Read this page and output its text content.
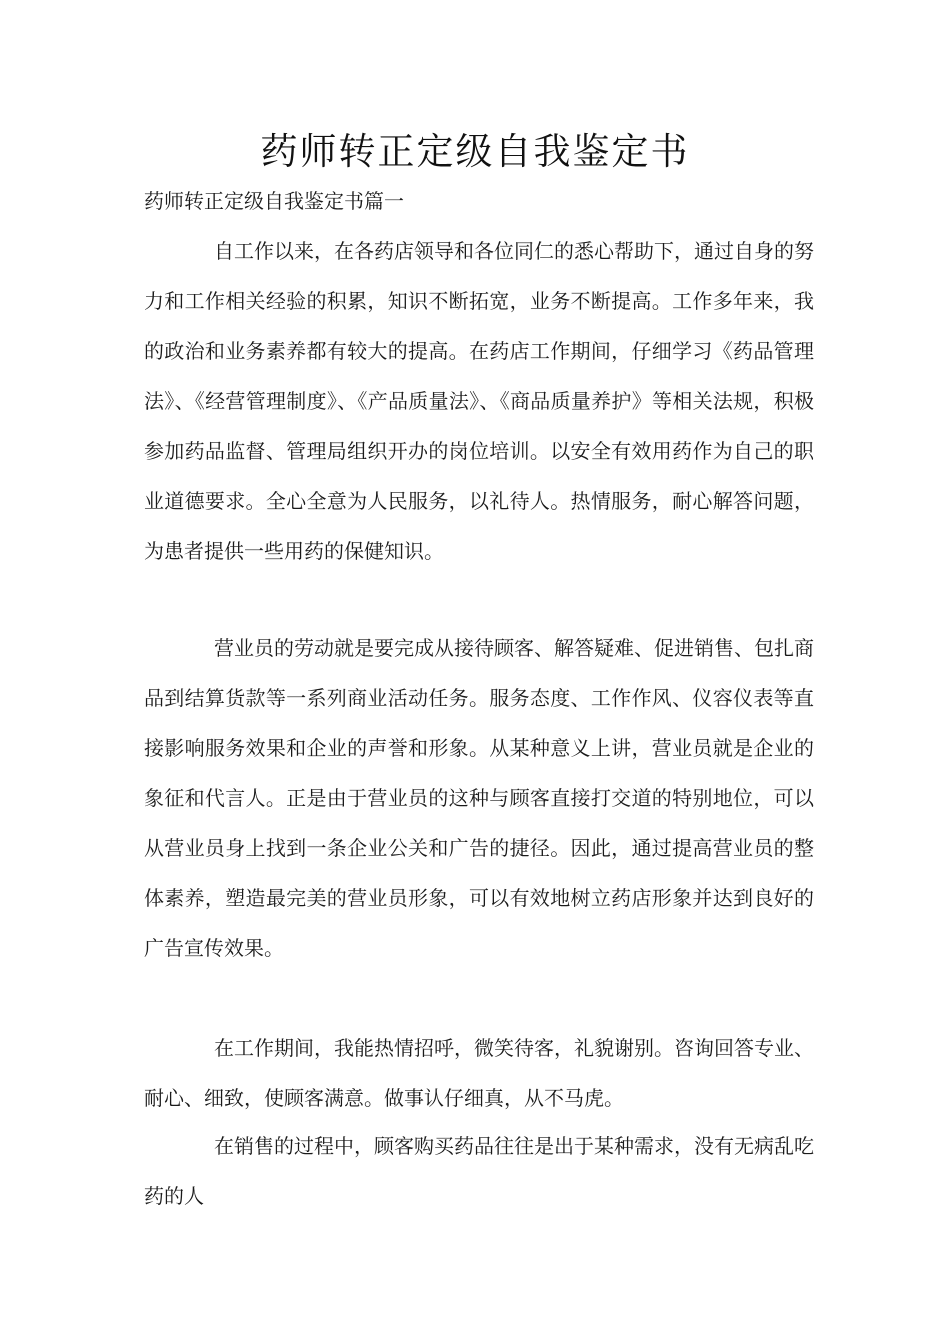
药师转正定级自我鉴定书

药师转正定级自我鉴定书篇一

自工作以来，在各药店领导和各位同仁的悉心帮助下，通过自身的努力和工作相关经验的积累，知识不断拓宽，业务不断提高。工作多年来，我的政治和业务素养都有较大的提高。在药店工作期间，仔细学习《药品管理法》、《经营管理制度》、《产品质量法》、《商品质量养护》等相关法规，积极参加药品监督、管理局组织开办的岗位培训。以安全有效用药作为自己的职业道德要求。全心全意为人民服务，以礼待人。热情服务，耐心解答问题，为患者提供一些用药的保健知识。

营业员的劳动就是要完成从接待顾客、解答疑难、促进销售、包扎商品到结算货款等一系列商业活动任务。服务态度、工作作风、仪容仪表等直接影响服务效果和企业的声誉和形象。从某种意义上讲，营业员就是企业的象征和代言人。正是由于营业员的这种与顾客直接打交道的特别地位，可以从营业员身上找到一条企业公关和广告的捷径。因此，通过提高营业员的整体素养，塑造最完美的营业员形象，可以有效地树立药店形象并达到良好的广告宣传效果。

在工作期间，我能热情招呼，微笑待客，礼貌谢别。咨询回答专业、耐心、细致，使顾客满意。做事认仔细真，从不马虎。

在销售的过程中，顾客购买药品往往是出于某种需求，没有无病乱吃药的人
